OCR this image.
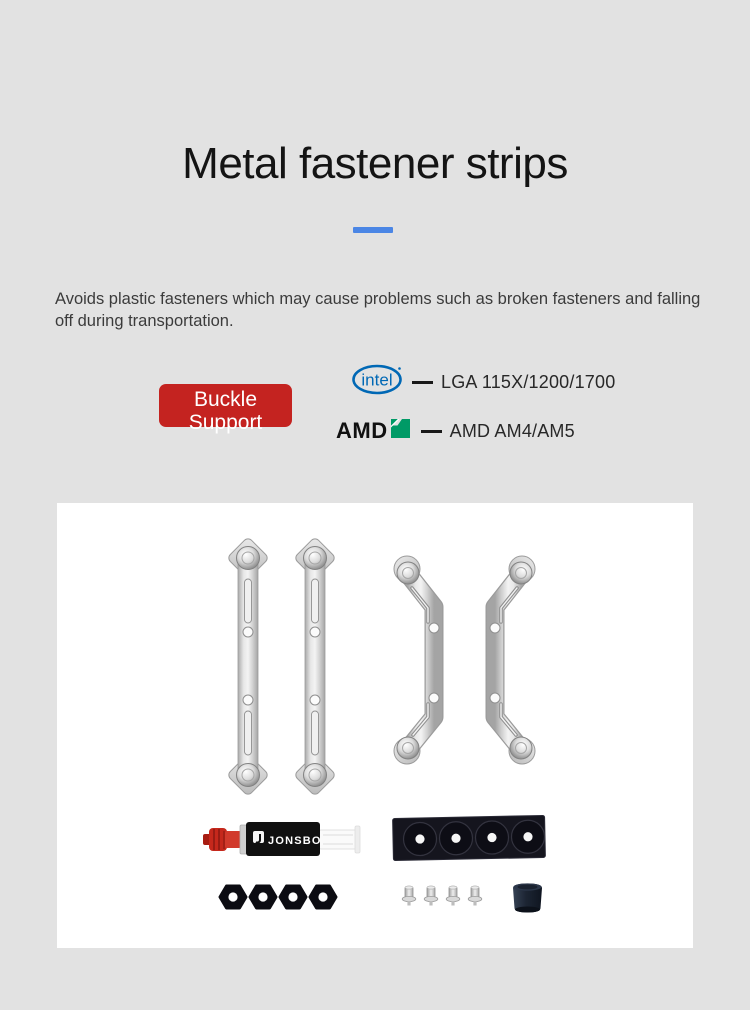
Metal fastener strips

Avoids plastic fasteners which may cause problems such as broken fasteners and falling off during transportation.

Buckle
Support
intel	LGA 115X/1200/1700
AMD	AMD AM4/AM5
JONSBO
